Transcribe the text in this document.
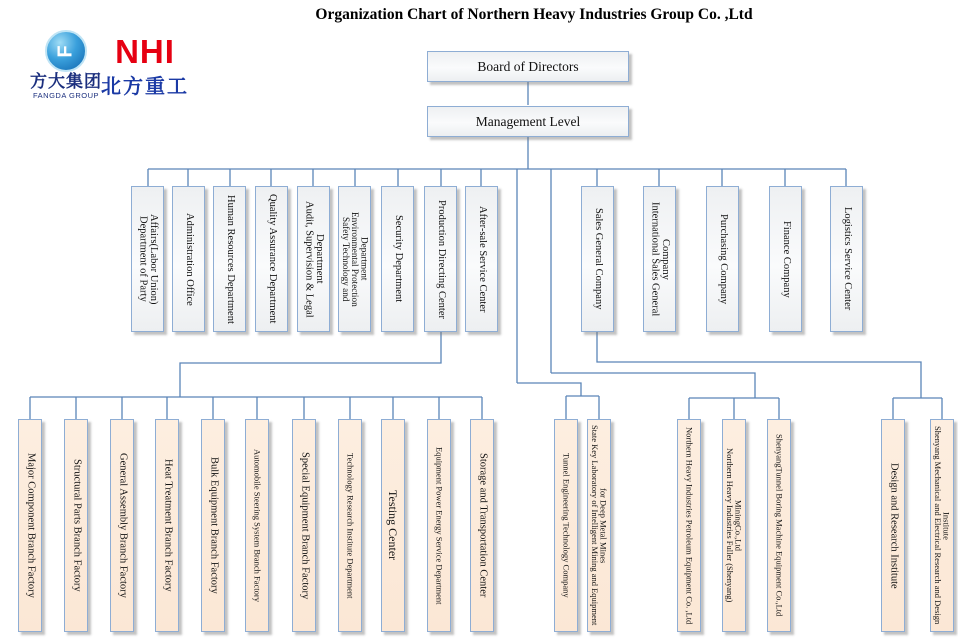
Organization Chart of Northern Heavy Industries Group Co. ,Ltd
F
方大集团
FANGDA GROUP
NHI
北方重工
Board of Directors
Management Level
Department of Party Affairs(Labor Union) Administration Office	Human Resources Department	Quality Assurance Department Audit, Supervision & Legal Department Safety Technology and Environmental Protection Department Security Department	Production Directing Center	After-sale Service Center	Sales General Company	International Sales General Company	Purchasing Company	Finance Company	Logistics Service Center
Major Component Branch Factory	Structural Parts Branch Factory	General Assembly Branch Factory	Heat Treatment Branch Factory	Bulk Equipment Branch Factory	Automobile Steering System Branch Factory	Special Equipment Branch Factory	Technology Research Institute Department	Testing Center	Equipment Power Energy Service Department	Storage and Transportation Center	Tunnel Engineering Technology Company State Key Laboratory of Intelligent Mining and Equipment for Deep Metal Mines	Northern Heavy Industries Petroleum Equipment Co. ,Ltd	Northern Heavy Industries Fuller (Shenyang) MiningCo.,Ltd	ShenyangTunnel Boring Machine Equipment Co.,Ltd	Design and Research Institute	Shenyang Mechanical and Electrical Research and Design Institute
